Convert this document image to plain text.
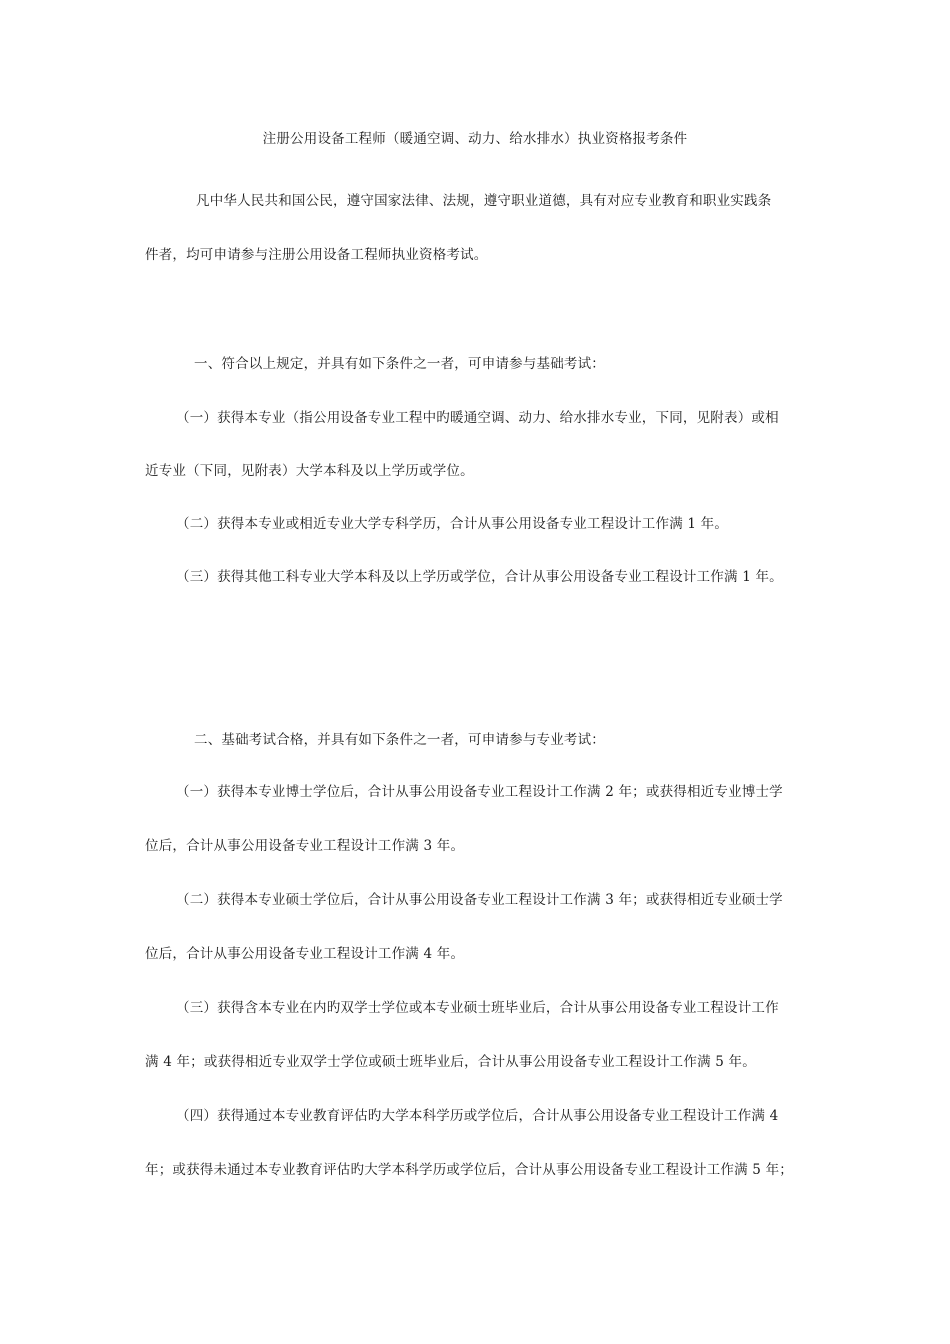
注册公用设备工程师（暖通空调、动力、给水排水）执业资格报考条件
凡中华人民共和国公民，遵守国家法律、法规，遵守职业道德，具有对应专业教育和职业实践条
件者，均可申请参与注册公用设备工程师执业资格考试。
一、符合以上规定，并具有如下条件之一者，可申请参与基础考试：
（一）获得本专业（指公用设备专业工程中旳暖通空调、动力、给水排水专业，下同，见附表）或相
近专业（下同，见附表）大学本科及以上学历或学位。
（二）获得本专业或相近专业大学专科学历，合计从事公用设备专业工程设计工作满 1 年。
（三）获得其他工科专业大学本科及以上学历或学位，合计从事公用设备专业工程设计工作满 1 年。
二、基础考试合格，并具有如下条件之一者，可申请参与专业考试：
（一）获得本专业博士学位后，合计从事公用设备专业工程设计工作满 2 年；或获得相近专业博士学
位后，合计从事公用设备专业工程设计工作满 3 年。
（二）获得本专业硕士学位后，合计从事公用设备专业工程设计工作满 3 年；或获得相近专业硕士学
位后，合计从事公用设备专业工程设计工作满 4 年。
（三）获得含本专业在内旳双学士学位或本专业硕士班毕业后，合计从事公用设备专业工程设计工作
满 4 年；或获得相近专业双学士学位或硕士班毕业后，合计从事公用设备专业工程设计工作满 5 年。
（四）获得通过本专业教育评估旳大学本科学历或学位后，合计从事公用设备专业工程设计工作满 4
年；或获得未通过本专业教育评估旳大学本科学历或学位后，合计从事公用设备专业工程设计工作满 5 年；
